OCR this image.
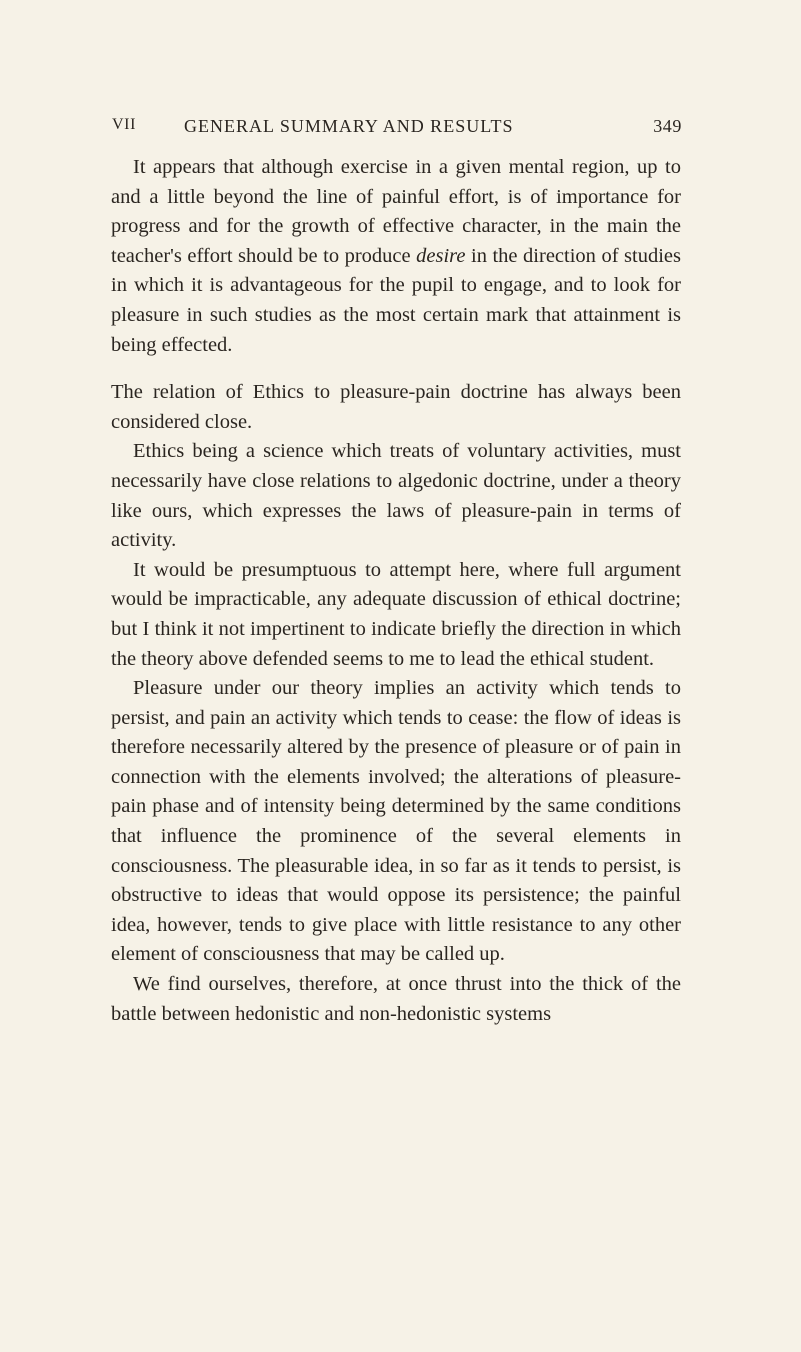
VII	GENERAL SUMMARY AND RESULTS	349

It appears that although exercise in a given mental region, up to and a little beyond the line of painful effort, is of importance for progress and for the growth of effective character, in the main the teacher's effort should be to produce desire in the direction of studies in which it is advantageous for the pupil to engage, and to look for pleasure in such studies as the most certain mark that attainment is being effected.

The relation of Ethics to pleasure-pain doctrine has always been considered close.

Ethics being a science which treats of voluntary activities, must necessarily have close relations to algedonic doctrine, under a theory like ours, which expresses the laws of pleasure-pain in terms of activity.

It would be presumptuous to attempt here, where full argument would be impracticable, any adequate discussion of ethical doctrine; but I think it not impertinent to indicate briefly the direction in which the theory above defended seems to me to lead the ethical student.

Pleasure under our theory implies an activity which tends to persist, and pain an activity which tends to cease: the flow of ideas is therefore necessarily altered by the presence of pleasure or of pain in connection with the elements involved; the alterations of pleasure-pain phase and of intensity being determined by the same conditions that influence the prominence of the several elements in consciousness. The pleasurable idea, in so far as it tends to persist, is obstructive to ideas that would oppose its persistence; the painful idea, however, tends to give place with little resistance to any other element of consciousness that may be called up.

We find ourselves, therefore, at once thrust into the thick of the battle between hedonistic and non-hedonistic systems
